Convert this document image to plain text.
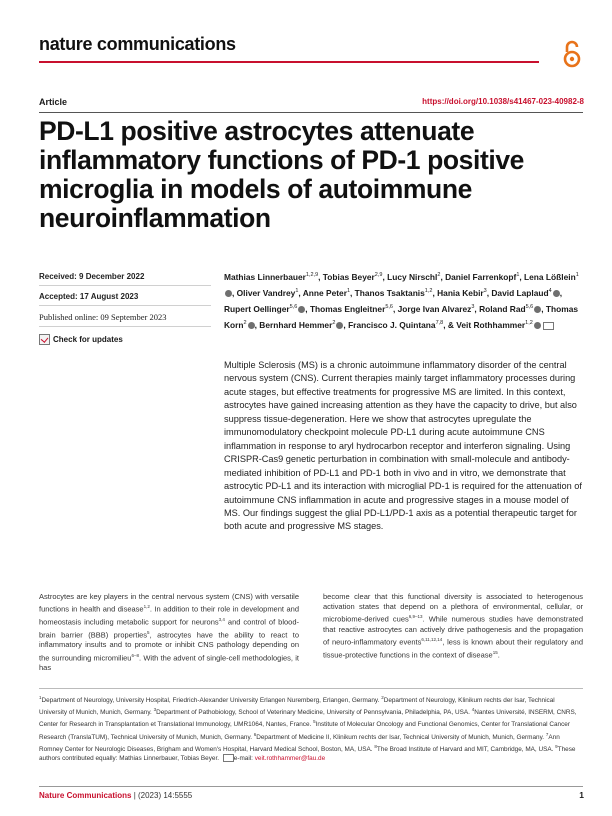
nature communications
Article	https://doi.org/10.1038/s41467-023-40982-8
PD-L1 positive astrocytes attenuate inflammatory functions of PD-1 positive microglia in models of autoimmune neuroinflammation
Received: 9 December 2022
Accepted: 17 August 2023
Published online: 09 September 2023
Check for updates

Mathias Linnerbauer$^{1,2,9}$, Tobias Beyer$^{2,9}$, Lucy Nirschl$^2$, Daniel Farrenkopf$^1$, Lena Lößlein$^1$, Oliver Vandrey$^1$, Anne Peter$^1$, Thanos Tsaktanis$^{1,2}$, Hania Kebir$^3$, David Laplaud$^4$ , Rupert Oellinger$^{5,6}$ , Thomas Engleitner$^{5,6}$, Jorge Ivan Alvarez$^3$, Roland Rad$^{5,6}$ , Thomas Korn$^2$ , Bernhard Hemmer$^2$ , Francisco J. Quintana$^{7,8}$, & Veit Rothhammer$^{1,2}$

Multiple Sclerosis (MS) is a chronic autoimmune inflammatory disorder of the central nervous system (CNS). Current therapies mainly target inflammatory processes during acute stages, but effective treatments for progressive MS are limited. In this context, astrocytes have gained increasing attention as they have the capacity to drive, but also suppress tissue-degeneration. Here we show that astrocytes upregulate the immunomodulatory checkpoint molecule PD-L1 during acute autoimmune CNS inflammation in response to aryl hydrocarbon receptor and interferon signaling. Using CRISPR-Cas9 genetic perturbation in combination with small-molecule and antibody-mediated inhibition of PD-L1 and PD-1 both in vivo and in vitro, we demonstrate that astrocytic PD-L1 and its interaction with microglial PD-1 is required for the attenuation of autoimmune CNS inflammation in acute and progressive stages in a mouse model of MS. Our findings suggest the glial PD-L1/PD-1 axis as a potential therapeutic target for both acute and progressive MS stages.

Astrocytes are key players in the central nervous system (CNS) with versatile functions in health and disease$^{1,2}$. In addition to their role in development and homeostasis including metabolic support for neurons$^{3,4}$ and control of blood-brain barrier (BBB) properties$^5$, astrocytes have the ability to react to inflammatory insults and to promote or inhibit CNS pathology depending on the surrounding micromilieu$^{6-8}$. With the advent of single-cell methodologies, it has

become clear that this functional diversity is associated to heterogenous activation states that depend on a plethora of environmental, cellular, or microbiome-derived cues$^{6,9-13}$. While numerous studies have demonstrated that reactive astrocytes can actively drive pathogenesis and the propagation of neuro-inflammatory events$^{6,11,12,14}$, less is known about their regulatory and tissue-protective functions in the context of disease$^{15}$.

$^1$Department of Neurology, University Hospital, Friedrich-Alexander University Erlangen Nuremberg, Erlangen, Germany. $^2$Department of Neurology, Klinikum rechts der Isar, Technical University of Munich, Munich, Germany. $^3$Department of Pathobiology, School of Veterinary Medicine, University of Pennsylvania, Philadelphia, PA, USA. $^4$Nantes Université, INSERM, CNRS, Center for Research in Transplantation et Translational Immunology, UMR1064, Nantes, France. $^5$Institute of Molecular Oncology and Functional Genomics, Center for Translational Cancer Research (TranslaTUM), Technical University of Munich, Munich, Germany. $^6$Department of Medicine II, Klinikum rechts der Isar, Technical University of Munich, Munich, Germany. $^7$Ann Romney Center for Neurologic Diseases, Brigham and Women's Hospital, Harvard Medical School, Boston, MA, USA. $^8$The Broad Institute of Harvard and MIT, Cambridge, MA, USA. $^9$These authors contributed equally: Mathias Linnerbauer, Tobias Beyer. e-mail: veit.rothhammer@fau.de

Nature Communications | (2023) 14:5555	1
